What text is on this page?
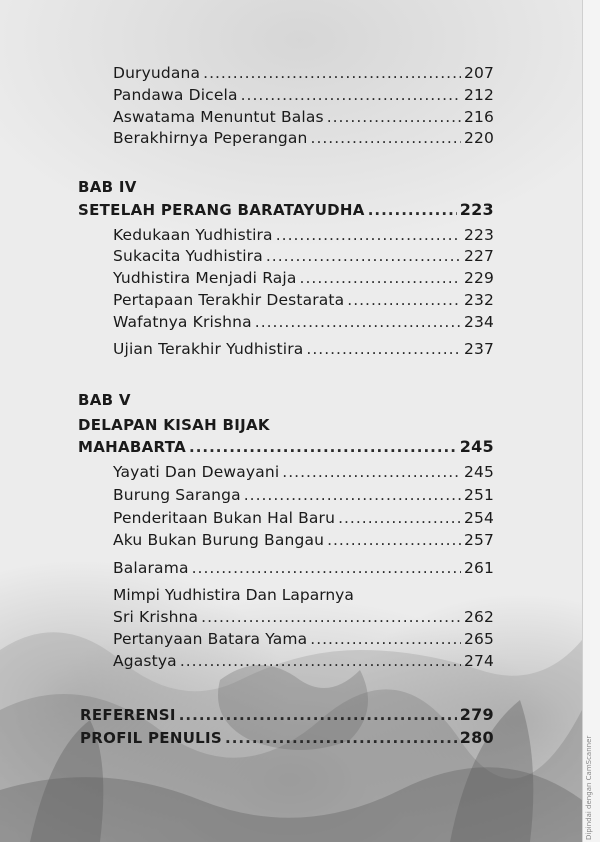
Dipindai dengan CamScanner
Duryudana .....	207
Pandawa Dicela .....	212
Aswatama Menuntut Balas .....	216
Berakhirnya Peperangan .....	220
BAB IV
SETELAH PERANG BARATAYUDHA .....	223
Kedukaan Yudhistira .....	223
Sukacita Yudhistira .....	227
Yudhistira Menjadi Raja .....	229
Pertapaan Terakhir Destarata .....	232
Wafatnya Krishna .....	234
Ujian Terakhir Yudhistira .....	237
BAB V
DELAPAN KISAH BIJAK
MAHABARTA .....	245
Yayati Dan Dewayani .....	245
Burung Saranga .....	251
Penderitaan Bukan Hal Baru .....	254
Aku Bukan Burung Bangau .....	257
Balarama .....	261
Mimpi Yudhistira Dan Laparnya
Sri Krishna .....	262
Pertanyaan Batara Yama .....	265
Agastya .....	274
REFERENSI .....	279
PROFIL PENULIS .....	280
